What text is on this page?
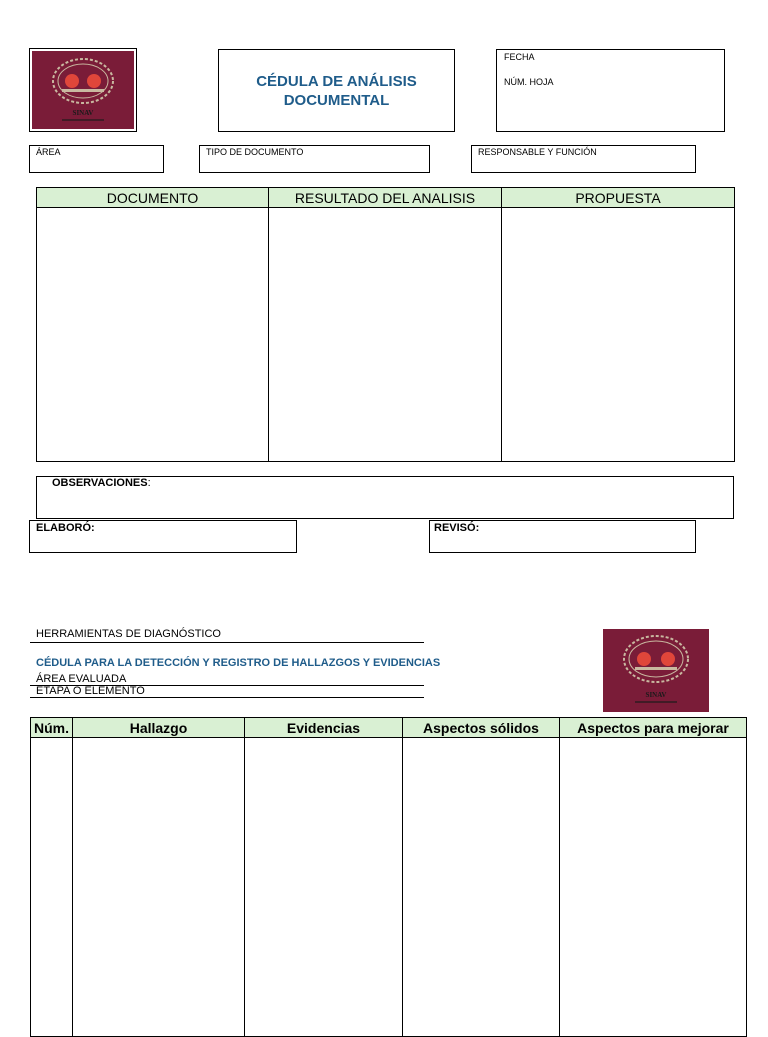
SINAV
CÉDULA DE ANÁLISIS
DOCUMENTAL
FECHA
NÚM. HOJA
ÁREA	TIPO DE DOCUMENTO	RESPONSABLE Y FUNCIÓN
DOCUMENTO	RESULTADO DEL ANALISIS	PROPUESTA

OBSERVACIONES:
ELABORÓ:	REVISÓ:
HERRAMIENTAS DE DIAGNÓSTICO
CÉDULA PARA LA DETECCIÓN Y REGISTRO DE HALLAZGOS Y EVIDENCIAS
ÁREA EVALUADA
ETAPA O ELEMENTO	SINAV
Núm.	Hallazgo	Evidencias	Aspectos sólidos	Aspectos para mejorar
